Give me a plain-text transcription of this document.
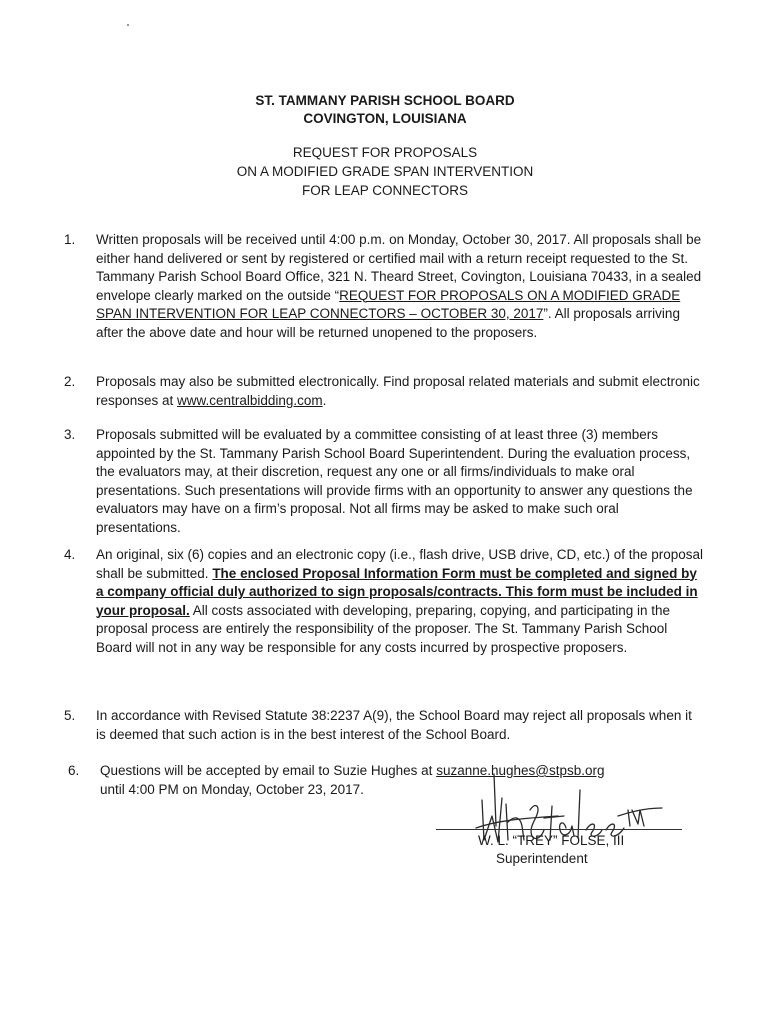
ST. TAMMANY PARISH SCHOOL BOARD
COVINGTON, LOUISIANA
REQUEST FOR PROPOSALS
ON A MODIFIED GRADE SPAN INTERVENTION
FOR LEAP CONNECTORS
1.	Written proposals will be received until 4:00 p.m. on Monday, October 30, 2017. All proposals shall be either hand delivered or sent by registered or certified mail with a return receipt requested to the St. Tammany Parish School Board Office, 321 N. Theard Street, Covington, Louisiana 70433, in a sealed envelope clearly marked on the outside “REQUEST FOR PROPOSALS ON A MODIFIED GRADE SPAN INTERVENTION FOR LEAP CONNECTORS – OCTOBER 30, 2017”. All proposals arriving after the above date and hour will be returned unopened to the proposers.
2.	Proposals may also be submitted electronically. Find proposal related materials and submit electronic responses at www.centralbidding.com.
3.	Proposals submitted will be evaluated by a committee consisting of at least three (3) members appointed by the St. Tammany Parish School Board Superintendent. During the evaluation process, the evaluators may, at their discretion, request any one or all firms/individuals to make oral presentations. Such presentations will provide firms with an opportunity to answer any questions the evaluators may have on a firm’s proposal. Not all firms may be asked to make such oral presentations.
4.	An original, six (6) copies and an electronic copy (i.e., flash drive, USB drive, CD, etc.) of the proposal shall be submitted. The enclosed Proposal Information Form must be completed and signed by a company official duly authorized to sign proposals/contracts. This form must be included in your proposal. All costs associated with developing, preparing, copying, and participating in the proposal process are entirely the responsibility of the proposer. The St. Tammany Parish School Board will not in any way be responsible for any costs incurred by prospective proposers.
5.	In accordance with Revised Statute 38:2237 A(9), the School Board may reject all proposals when it is deemed that such action is in the best interest of the School Board.
6.	Questions will be accepted by email to Suzie Hughes at suzanne.hughes@stpsb.org
until 4:00 PM on Monday, October 23, 2017.
W. L. “TREY” FOLSE, III
Superintendent
